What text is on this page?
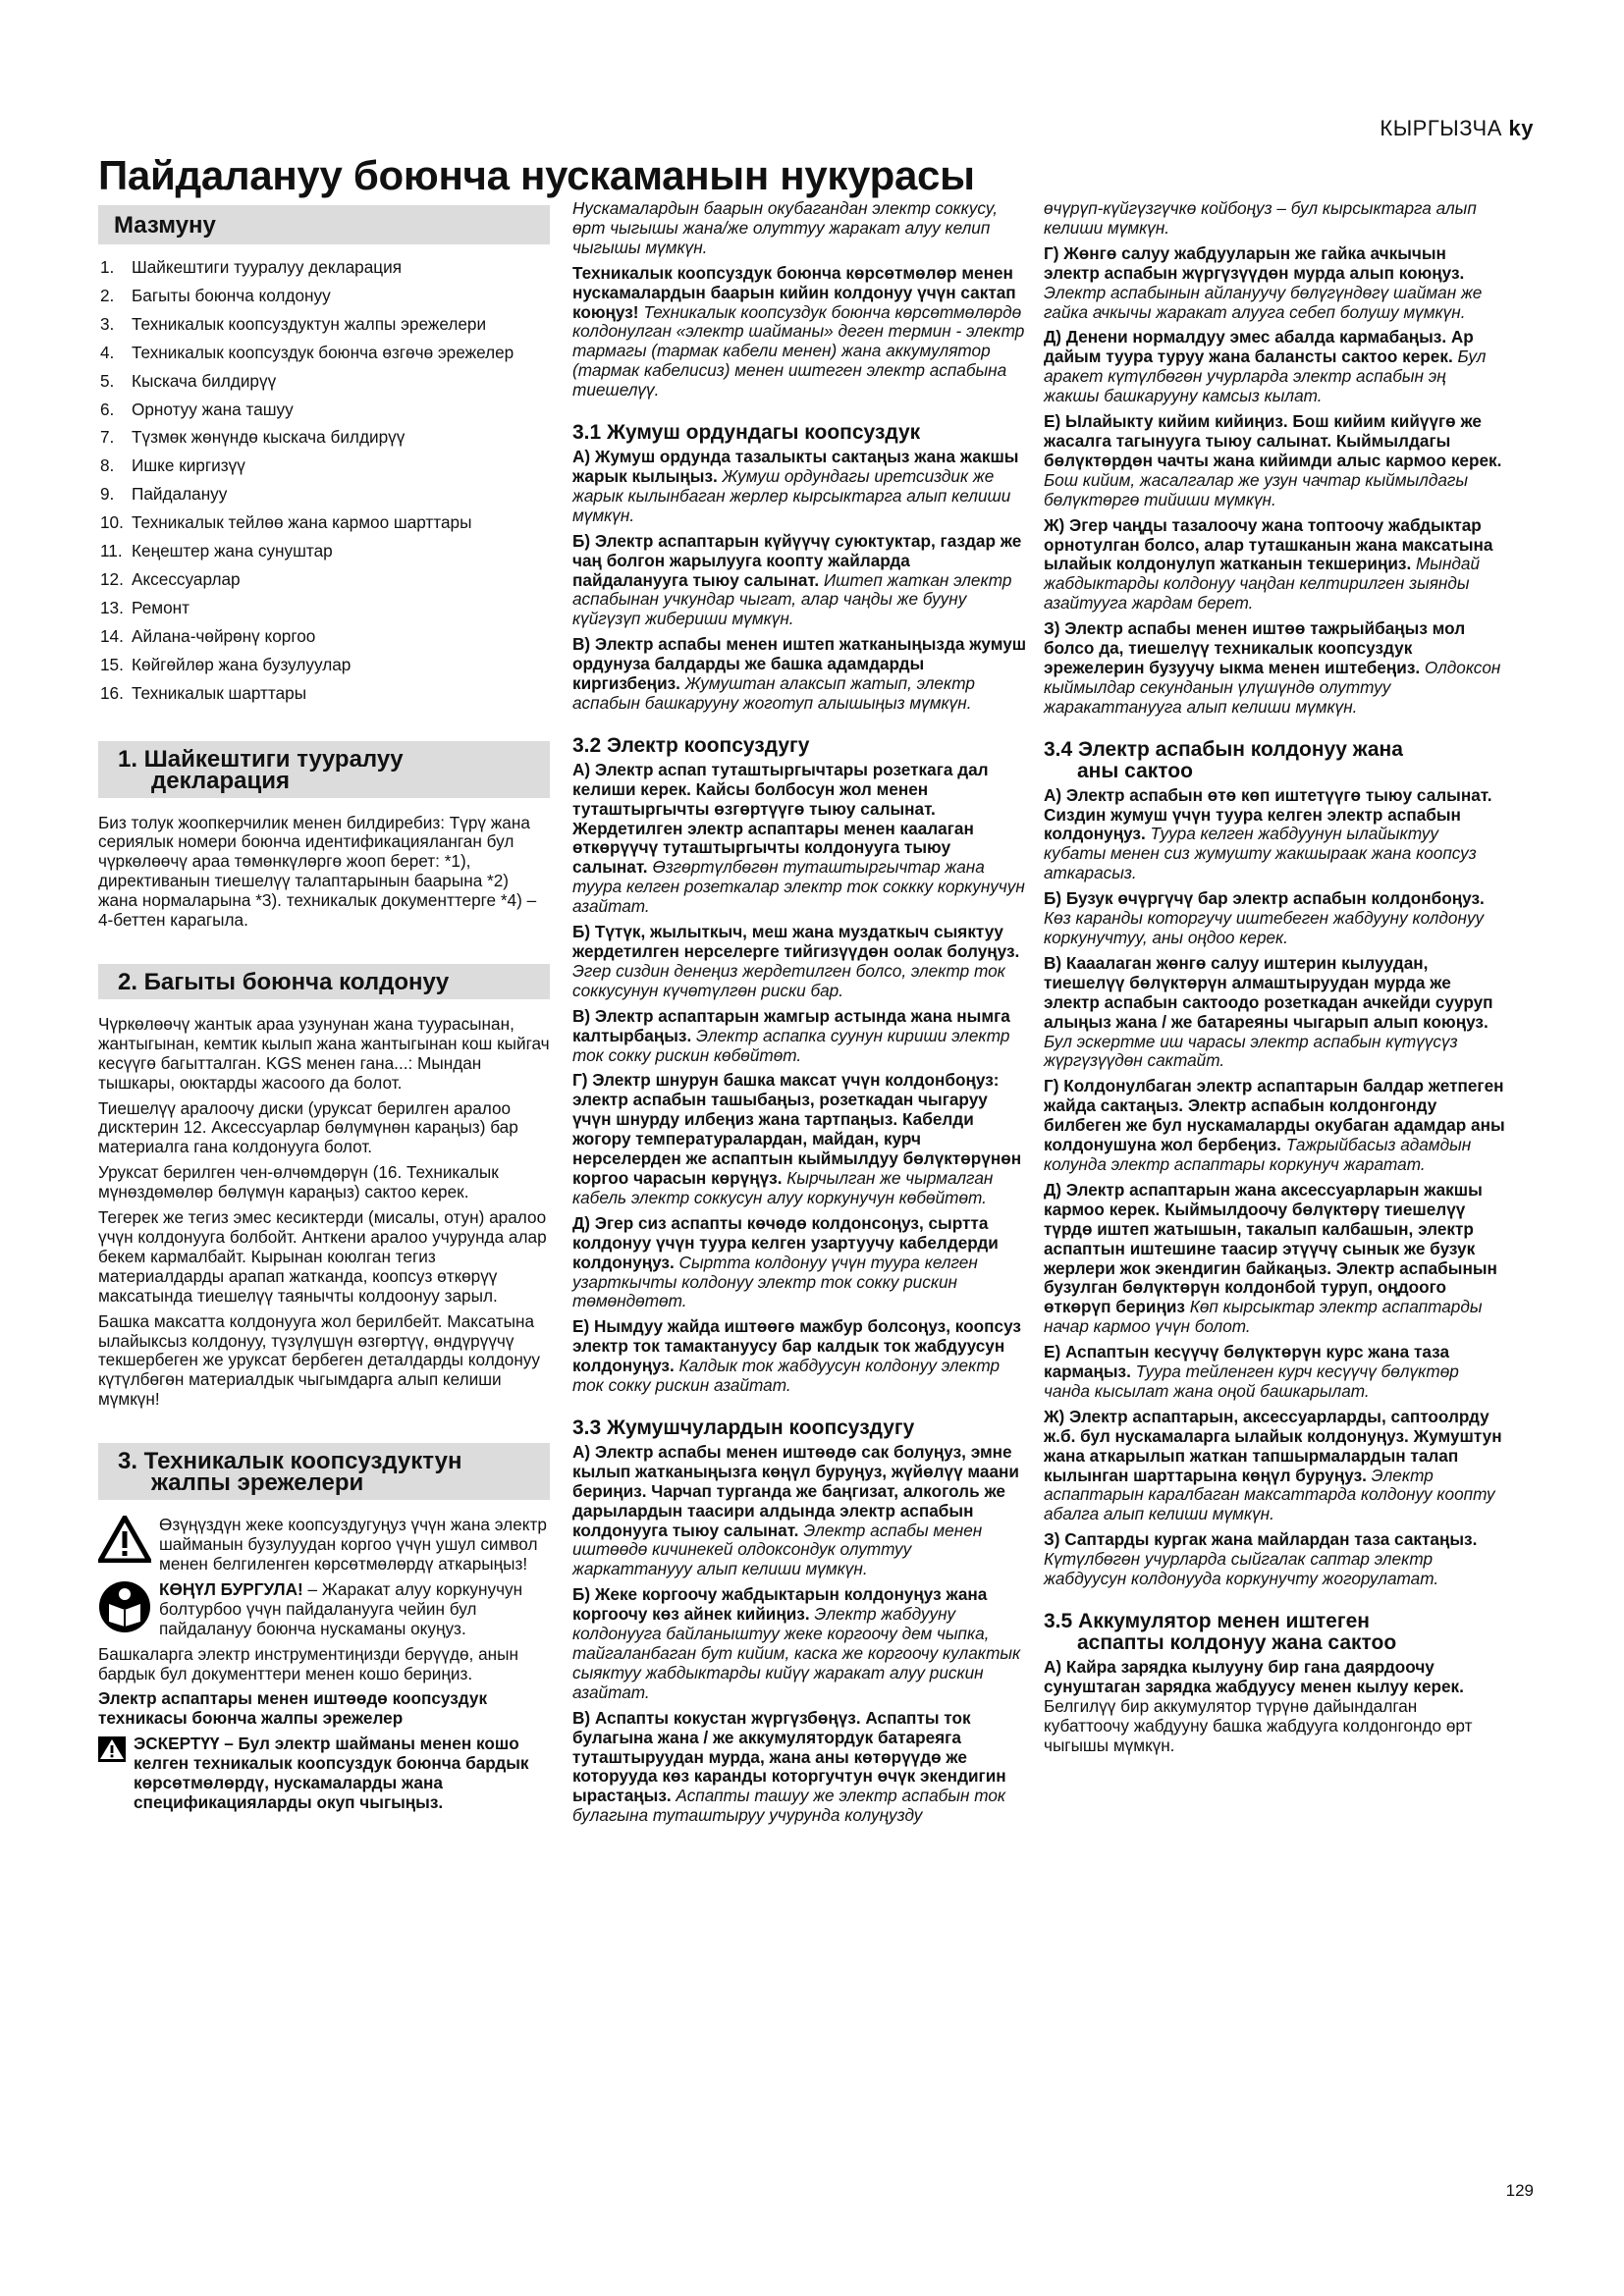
КЫРГЫЗЧА ky
Пайдалануу боюнча нускаманын нукурасы
Мазмуну
1.	Шайкештиги тууралуу декларация
2.	Багыты боюнча колдонуу
3.	Техникалык коопсуздуктун жалпы эрежелери
4.	Техникалык коопсуздук боюнча өзгөчө эрежелер
5.	Кыскача билдирүү
6.	Орнотуу жана ташуу
7.	Түзмөк жөнүндө кыскача билдирүү
8.	Ишке киргизүү
9.	Пайдалануу
10. Техникалык тейлөө жана кармоо шарттары
11. Кеңештер жана сунуштар
12. Аксессуарлар
13. Ремонт
14. Айлана-чөйрөнү коргоо
15. Көйгөйлөр жана бузулуулар
16. Техникалык шарттары
1. Шайкештиги тууралуу
декларация

Биз толук жоопкерчилик менен билдиребиз: Түрү жана сериялык номери боюнча идентификацияланган бул чүркөлөөчү араа төмөнкүлөргө жооп берет: *1), директиванын тиешелүү талаптарынын баарына *2) жана нормаларына *3). техникалык документтерге *4) – 4-беттен карагыла.

2. Багыты боюнча колдонуу

Чүркөлөөчү жантык араа узунунан жана туурасынан, жантыгынан, кемтик кылып жана жантыгынан кош кыйгач кесүүгө багытталган. KGS менен гана...: Мындан тышкары, оюктарды жасоого да болот.

Тиешелүү аралоочу диски (уруксат берилген аралоо дисктерин 12. Аксессуарлар бөлүмүнөн караңыз) бар материалга гана колдонууга болот.

Уруксат берилген чен-өлчөмдөрүн (16. Техникалык мүнөздөмөлөр бөлүмүн караңыз) сактоо керек.

Тегерек же тегиз эмес кесиктерди (мисалы, отун) аралоо үчүн колдонууга болбойт. Анткени аралоо учурунда алар бекем кармалбайт. Кырынан коюлган тегиз материалдарды арапап жатканда, коопсуз өткөрүү максатында тиешелүү таянычты колдоонуу зарыл.

Башка максатта колдонууга жол берилбейт. Максатына ылайыксыз колдонуу, түзүлүшүн өзгөртүү, өндүрүүчү текшербеген же уруксат бербеген деталдарды колдонуу күтүлбөгөн материалдык чыгымдарга алып келиши мүмкүн!

3. Техникалык коопсуздуктун
жалпы эрежелери

Өзүңүздүн жеке коопсуздугуңуз үчүн жана электр шайманын бузулуудан коргоо үчүн ушул символ менен белгиленген көрсөтмөлөрдү аткарыңыз!

КӨҢҮЛ БУРГУЛА! – Жаракат алуу коркунучун болтурбоо үчүн пайдаланууга чейин бул пайдалануу боюнча нускаманы окуңуз.

Башкаларга электр инструментиңизди берүүдө, анын бардык бул документтери менен кошо бериңиз.

Электр аспаптары менен иштөөдө коопсуздук техникасы боюнча жалпы эрежелер

ЭСКЕРТҮҮ – Бул электр шайманы менен кошо келген техникалык коопсуздук боюнча бардык көрсөтмөлөрдү, нускамаларды жана спецификацияларды окуп чыгыңыз.

Нускамалардын баарын окубагандан электр соккусу, өрт чыгышы жана/же олуттуу жаракат алуу келип чыгышы мүмкүн.

Техникалык коопсуздук боюнча көрсөтмөлөр менен нускамалардын баарын кийин колдонуу үчүн сактап коюңуз! Техникалык коопсуздук боюнча көрсөтмөлөрдө колдонулган «электр шайманы» деген термин - электр тармагы (тармак кабели менен) жана аккумулятор (тармак кабелисиз) менен иштеген электр аспабына тиешелүү.

3.1 Жумуш ордундагы коопсуздук

А) Жумуш ордунда тазалыкты сактаңыз жана жакшы жарык кылыңыз. Жумуш ордундагы иретсиздик же жарык кылынбаган жерлер кырсыктарга алып келиши мүмкүн.

Б) Электр аспаптарын күйүүчү суюктуктар, газдар же чаң болгон жарылууга коопту жайларда пайдаланууга тыюу салынат. Иштеп жаткан электр аспабынан учкундар чыгат, алар чаңды же бууну күйгүзүп жибериши мүмкүн.

В) Электр аспабы менен иштеп жатканыңызда жумуш ордунуза балдарды же башка адамдарды киргизбеңиз. Жумуштан алаксып жатып, электр аспабын башкарууну жоготуп алышыңыз мүмкүн.

3.2 Электр коопсуздугу

А) Электр аспап туташтыргычтары розеткага дал келиши керек. Кайсы болбосун жол менен туташтыргычты өзгөртүүгө тыюу салынат. Жердетилген электр аспаптары менен каалаган өткөрүүчү туташтыргычты колдонууга тыюу салынат. Өзгөртүлбөгөн туташтыргычтар жана туура келген розеткалар электр ток соккку коркунучун азайтат.

Б) Түтүк, жылыткыч, меш жана муздаткыч сыяктуу жердетилген нерселерге тийгизүүдөн оолак болуңуз. Эгер сиздин денеңиз жердетилген болсо, электр ток соккусунун күчөтүлгөн риски бар.

В) Электр аспаптарын жамгыр астында жана нымга калтырбаңыз. Электр аспапка суунун кириши электр ток сокку рискин көбөйтөт.

Г) Электр шнурун башка максат үчүн колдонбоңуз: электр аспабын ташыбаңыз, розеткадан чыгаруу үчүн шнурду илбеңиз жана тартпаңыз. Кабелди жогору температуралардан, майдан, курч нерселерден же аспаптын кыймылдуу бөлүктөрүнөн коргоо чарасын көрүңүз. Кырчылган же чырмалган кабель электр соккусун алуу коркунучун көбөйтөт.

Д) Эгер сиз аспапты көчөдө колдонсоңуз, сыртта колдонуу үчүн туура келген узартуучу кабелдерди колдонуңуз. Сыртта колдонуу үчүн туура келген узарткычты колдонуу электр ток сокку рискин төмөндөтөт.

Е) Нымдуу жайда иштөөгө мажбур болсоңуз, коопсуз электр ток тамактануусу бар калдык ток жабдуусун колдонуңуз. Калдык ток жабдуусун колдонуу электр ток сокку рискин азайтат.

3.3 Жумушчулардын коопсуздугу

А) Электр аспабы менен иштөөдө сак болуңуз, эмне кылып жатканыңызга көңүл буруңуз, жүйөлүү маани бериңиз. Чарчап турганда же баңгизат, алкоголь же дарылардын таасири алдында электр аспабын колдонууга тыюу салынат. Электр аспабы менен иштөөдө кичинекей олдоксондук олуттуу жаркаттанууу алып келиши мүмкүн.

Б) Жеке коргоочу жабдыктарын колдонуңуз жана коргоочу көз айнек кийиңиз. Электр жабдууну колдонууга байланыштуу жеке коргоочу дем чыпка, тайгаланбаган бут кийим, каска же коргоочу кулактык сыяктуу жабдыктарды кийүү жаракат алуу рискин азайтат.

В) Аспапты кокустан жүргүзбөңүз. Аспапты ток булагына жана / же аккумулятордук батареяга туташтыруудан мурда, жана аны көтөрүүдө же которууда көз каранды которгучтун өчүк экендигин ырастаңыз. Аспапты ташуу же электр аспабын ток булагына туташтыруу учурунда колуңузду

өчүрүп-күйгүзгүчкө койбоңуз – бул кырсыктарга алып келиши мүмкүн.

Г) Жөнгө салуу жабдууларын же гайка ачкычын электр аспабын жүргүзүүдөн мурда алып коюңуз. Электр аспабынын айлануучу бөлүгүндөгү шайман же гайка ачкычы жаракат алууга себеп болушу мүмкүн.

Д) Денени нормалдуу эмес абалда кармабаңыз. Ар дайым туура туруу жана балансты сактоо керек. Бул аракет күтүлбөгөн учурларда электр аспабын эң жакшы башкарууну камсыз кылат.

Е) Ылайыкту кийим кийиңиз. Бош кийим кийүүгө же жасалга тагынууга тыюу салынат. Кыймылдагы бөлүктөрдөн чачты жана кийимди алыс кармоо керек. Бош кийим, жасалгалар же узун чачтар кыймылдагы бөлүктөргө тийиши мүмкүн.

Ж) Эгер чаңды тазалоочу жана топтоочу жабдыктар орнотулган болсо, алар туташканын жана максатына ылайык колдонулуп жатканын текшериңиз. Мындай жабдыктарды колдонуу чаңдан келтирилген зыянды азайтууга жардам берет.

З) Электр аспабы менен иштөө тажрыйбаңыз мол болсо да, тиешелүү техникалык коопсуздук эрежелерин бузуучу ыкма менен иштебеңиз. Олдоксон кыймылдар секунданын үлүшүндө олуттуу жаракаттанууга алып келиши мүмкүн.

3.4 Электр аспабын колдонуу жана
аны сактоо

А) Электр аспабын өтө көп иштетүүгө тыюу салынат. Сиздин жумуш үчүн туура келген электр аспабын колдонуңуз. Туура келген жабдуунун ылайыктуу кубаты менен сиз жумушту жакшыраак жана коопсуз аткарасыз.

Б) Бузук өчүргүчү бар электр аспабын колдонбоңуз. Көз каранды которгучу иштебеген жабдууну колдонуу коркунучтуу, аны оңдоо керек.

В) Каaалаган жөнгө салуу иштерин кылуудан, тиешелүү бөлүктөрүн алмаштыруудан мурда же электр аспабын сактоодо розеткадан ачкейди сууруп алыңыз жана / же батареяны чыгарып алып коюңуз. Бул эскертме иш чарасы электр аспабын күтүүсүз жүргүзүүдөн сактайт.

Г) Колдонулбаган электр аспаптарын балдар жетпеген жайда сактаңыз. Электр аспабын колдонгонду билбеген же бул нускамаларды окубаган адамдар аны колдонушуна жол бербеңиз. Тажрыйбасыз адамдын колунда электр аспаптары коркунуч жаратат.

Д) Электр аспаптарын жана аксессуарларын жакшы кармоо керек. Кыймылдоочу бөлүктөрү тиешелүү түрдө иштеп жатышын, такалып калбашын, электр аспаптын иштешине таасир этүүчү сынык же бузук жерлери жок экендигин байкаңыз. Электр аспабынын бузулган бөлүктөрүн колдонбой туруп, оңдоого өткөрүп бериңиз Көп кырсыктар электр аспаптарды начар кармоо үчүн болот.

Е) Аспаптын кесүүчү бөлүктөрүн курс жана таза кармаңыз. Туура тейленген курч кесүүчү бөлүктөр чанда кысылат жана оңой башкарылат.

Ж) Электр аспаптарын, аксессуарларды, саптоолрду ж.б. бул нускамаларга ылайык колдонуңуз. Жумуштун жана аткарылып жаткан тапшырмалардын талап кылынган шарттарына көңүл буруңуз. Электр аспаптарын каралбаган максаттарда колдонуу коопту абалга алып келиши мүмкүн.

З) Саптарды кургак жана майлардан таза сактаңыз. Күтүлбөгөн учурларда сыйгалак саптар электр жабдуусун колдонууда коркунучту жогорулатат.

3.5 Аккумулятор менен иштеген
аспапты колдонуу жана сактоо

А) Кайра зарядка кылууну бир гана даярдоочу сунуштаган зарядка жабдуусу менен кылуу керек. Белгилүү бир аккумулятор түрүнө дайындалган кубаттоочу жабдууну башка жабдууга колдонгондо өрт чыгышы мүмкүн.

129
